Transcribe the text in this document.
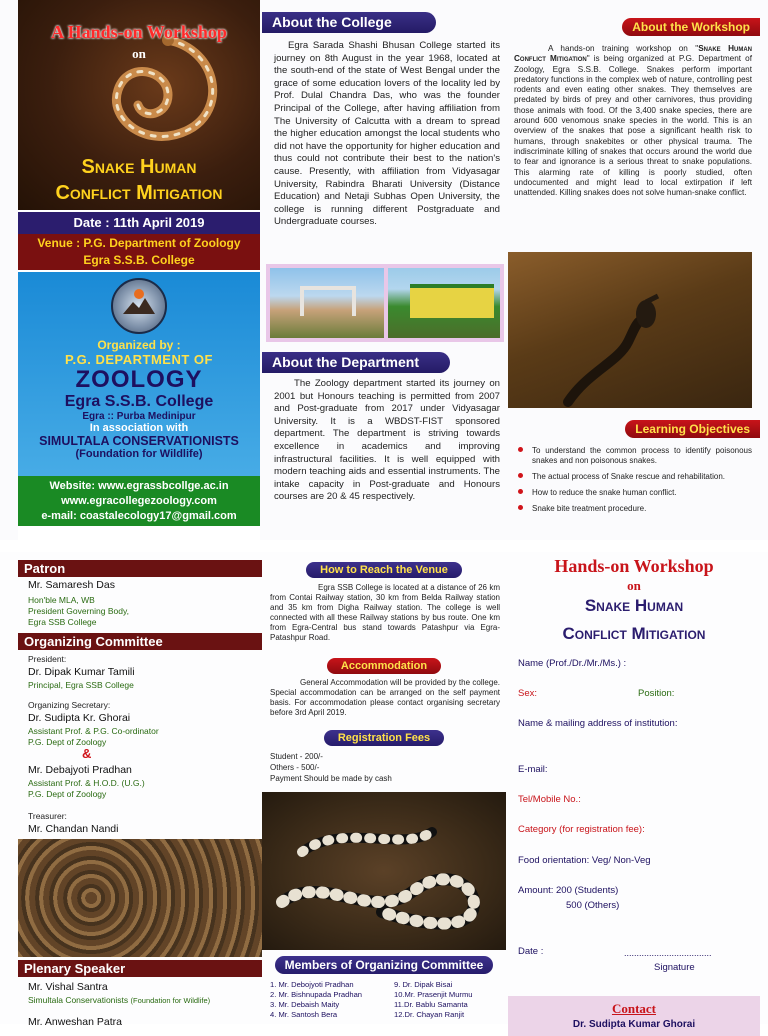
A Hands-on Workshop
on
Snake Human
Conflict Mitigation
Date : 11th April 2019
Venue : P.G. Department of Zoology
Egra S.S.B. College
Organized by :
P.G. DEPARTMENT OF
ZOOLOGY
Egra S.S.B. College
Egra :: Purba Medinipur
In association with
SIMULTALA CONSERVATIONISTS
(Foundation for Wildlife)
Website: www.egrassbcollge.ac.in
www.egracollegezoology.com
e-mail: coastalecology17@gmail.com
About the College

Egra Sarada Shashi Bhusan College started its journey on 8th August in the year 1968, located at the south-end of the state of West Bengal under the grace of some education lovers of the locality led by Prof. Dulal Chandra Das, who was the founder Principal of the College, after having affiliation from The University of Calcutta with a dream to spread the higher education amongst the local students who did not have the opportunity for higher education and thus could not contribute their best to the nation's cause. Presently, with affiliation from Vidyasagar University, Rabindra Bharati University (Distance Education) and Netaji Subhas Open University, the college is running different Postgraduate and Undergraduate courses.

About the Department

The Zoology department started its journey on 2001 but Honours teaching is permitted from 2007 and Post-graduate from 2017 under Vidyasagar University. It is a WBDST-FIST sponsored department. The department is striving towards excellence in academics and improving infrastructural facilities. It is well equipped with modern teaching aids and essential instruments. The intake capacity in Post-graduate and Honours courses are 20 & 45 respectively.

About the Workshop

A hands-on training workshop on "Snake Human Conflict Mitigation" is being organized at P.G. Department of Zoology, Egra S.S.B. College. Snakes perform important predatory functions in the complex web of nature, controlling pest rodents and even eating other snakes. They themselves are predated by birds of prey and other carnivores, thus providing those animals with food. Of the 3,400 snake species, there are around 600 venomous snake species in the world. This is an overview of the snakes that pose a significant health risk to humans, through snakebites or other physical trauma. The indiscriminate killing of snakes that occurs around the world due to fear and ignorance is a serious threat to snake populations. This alarming rate of killing is poorly studied, often undocumented and might lead to local extirpation if left unattended. Killing snakes does not solve human-snake conflict.

Learning Objectives
To understand the common process to identify poisonous snakes and non poisonous snakes.
The actual process of Snake rescue and rehabilitation.
How to reduce the snake human conflict.
Snake bite treatment procedure.
Patron
Mr. Samaresh Das
Hon'ble MLA, WB
President Governing Body,
Egra SSB College
Organizing Committee
President:
Dr. Dipak Kumar Tamili
Principal, Egra SSB College
Organizing Secretary:
Dr. Sudipta Kr. Ghorai
Assistant Prof. & P.G. Co-ordinator
P.G. Dept of Zoology
&
Mr. Debajyoti Pradhan
Assistant Prof. & H.O.D. (U.G.)
P.G. Dept of Zoology
Treasurer:
Mr. Chandan Nandi
Plenary Speaker
Mr. Vishal Santra
Simultala Conservationists (Foundation for Wildlife)
Mr. Anweshan Patra
How to Reach the Venue

Egra SSB College is located at a distance of 26 km from Contai Railway station, 30 km from Belda Railway station and 35 km from Digha Railway station. The college is well connected with all these Railway stations by bus route. One km from Egra-Central bus stand towards Patashpur via Egra-Patashpur Road.

Accommodation

General Accommodation will be provided by the college. Special accommodation can be arranged on the self payment basis. For accommodation please contact organising secretary before 3rd April 2019.

Registration Fees
Student - 200/-
Others - 500/-
Payment Should be made by cash
Members of Organizing Committee
1. Mr. Debojyoti Pradhan
2. Mr. Bishnupada Pradhan
3. Mr. Debaish Maity
4. Mr. Santosh Bera
9. Dr. Dipak Bisai
10.Mr. Prasenjit Murmu
11.Dr. Bablu Samanta
12.Dr. Chayan Ranjit
Hands-on Workshop
on
Snake Human
Conflict Mitigation
Name (Prof./Dr./Mr./Ms.) :
Sex:	Position:
Name & mailing address of institution:
E-mail:
Tel/Mobile No.:
Category (for registration fee):
Food orientation: Veg/ Non-Veg
Amount: 200 (Students)
500 (Others)
Date :	...................................
Signature
Contact
Dr. Sudipta Kumar Ghorai
